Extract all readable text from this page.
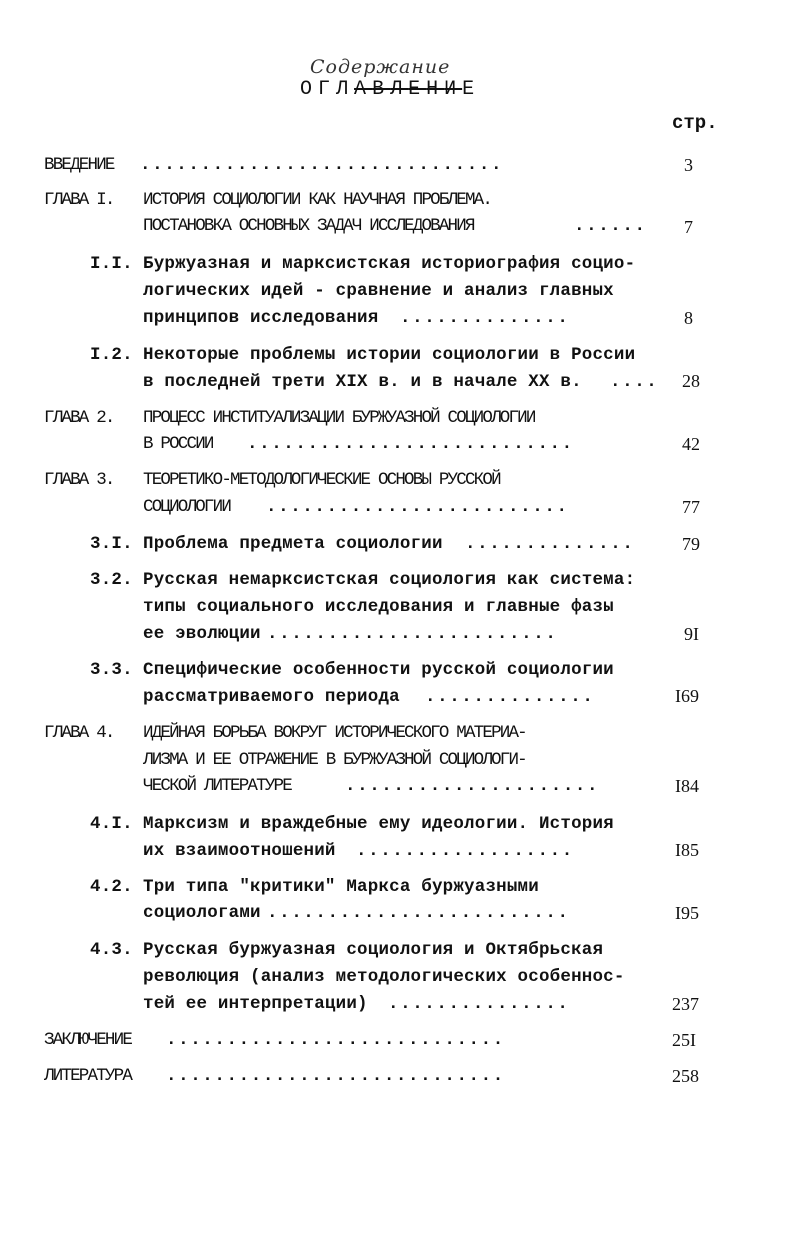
Содержание
ОГЛАВЛЕНИЕ
стр.
ВВЕДЕНИЕ ..............................	3
ГЛАВА I. ИСТОРИЯ СОЦИОЛОГИИ КАК НАУЧНАЯ ПРОБЛЕМА.
ПОСТАНОВКА ОСНОВНЫХ ЗАДАЧ ИССЛЕДОВАНИЯ	...... 7
I.I. Буржуазная и марксистская историография социо-
логических идей - сравнение и анализ главных
принципов исследования ..............	8
I.2. Некоторые проблемы истории социологии в России
в последней трети XIX в. и в начале XX в. .... 28
ГЛАВА 2. ПРОЦЕСС ИНСТИТУАЛИЗАЦИИ БУРЖУАЗНОЙ СОЦИОЛОГИИ
В РОССИИ ...........................	42
ГЛАВА 3. ТЕОРЕТИКО-МЕТОДОЛОГИЧЕСКИЕ ОСНОВЫ РУССКОЙ
СОЦИОЛОГИИ .........................	77
3.I. Проблема предмета социологии ..............	79
3.2. Русская немарксистская социология как система:
типы социального исследования и главные фазы
ее эволюции ........................	9I
3.3. Специфические особенности русской социологии
рассматриваемого периода ..............	I69
ГЛАВА 4. ИДЕЙНАЯ БОРЬБА ВОКРУГ ИСТОРИЧЕСКОГО МАТЕРИА-
ЛИЗМА И ЕЕ ОТРАЖЕНИЕ В БУРЖУАЗНОЙ СОЦИОЛОГИ-
ЧЕСКОЙ ЛИТЕРАТУРЕ	.....................	I84
4.I. Марксизм и враждебные ему идеологии. История
их взаимоотношений ..................	I85
4.2. Три типа "критики" Маркса буржуазными
социологами .........................	I95
4.3. Русская буржуазная социология и Октябрьская
революция (анализ методологических особеннос-
тей ее интерпретации) ...............	237
ЗАКЛЮЧЕНИЕ ............................	25I
ЛИТЕРАТУРА ............................	258
